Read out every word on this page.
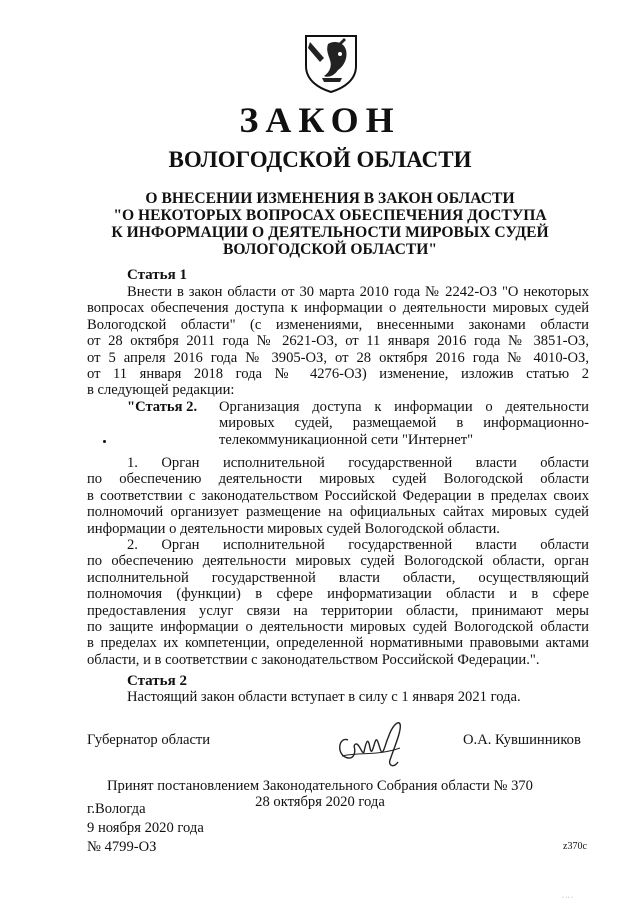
ЗАКОН
ВОЛОГОДСКОЙ ОБЛАСТИ
О ВНЕСЕНИИ ИЗМЕНЕНИЯ В ЗАКОН ОБЛАСТИ
"О НЕКОТОРЫХ ВОПРОСАХ ОБЕСПЕЧЕНИЯ ДОСТУПА
К ИНФОРМАЦИИ О ДЕЯТЕЛЬНОСТИ МИРОВЫХ СУДЕЙ
ВОЛОГОДСКОЙ ОБЛАСТИ"
Статья 1
Внести в закон области от 30 марта 2010 года № 2242-ОЗ "О некоторых
вопросах обеспечения доступа к информации о деятельности мировых судей
Вологодской области" (с изменениями, внесенными законами области
от 28 октября 2011 года № 2621-ОЗ, от 11 января 2016 года № 3851-ОЗ,
от 5 апреля 2016 года № 3905-ОЗ, от 28 октября 2016 года № 4010-ОЗ,
от 11 января 2018 года № 4276-ОЗ) изменение, изложив статью 2
в следующей редакции:
"Статья 2. Организация доступа к информации о деятельности
мировых судей, размещаемой в информационно-
телекоммуникационной сети "Интернет"
1. Орган исполнительной государственной власти области
по обеспечению деятельности мировых судей Вологодской области
в соответствии с законодательством Российской Федерации в пределах своих
полномочий организует размещение на официальных сайтах мировых судей
информации о деятельности мировых судей Вологодской области.
2. Орган исполнительной государственной власти области
по обеспечению деятельности мировых судей Вологодской области, орган
исполнительной государственной власти области, осуществляющий
полномочия (функции) в сфере информатизации области и в сфере
предоставления услуг связи на территории области, принимают меры
по защите информации о деятельности мировых судей Вологодской области
в пределах их компетенции, определенной нормативными правовыми актами
области, и в соответствии с законодательством Российской Федерации.".
Статья 2
Настоящий закон области вступает в силу с 1 января 2021 года.
Губернатор области	О.А. Кувшинников
Принят постановлением Законодательного Собрания области № 370
28 октября 2020 года
г.Вологда
9 ноября 2020 года
№ 4799-ОЗ	z370c
· ·· ·
